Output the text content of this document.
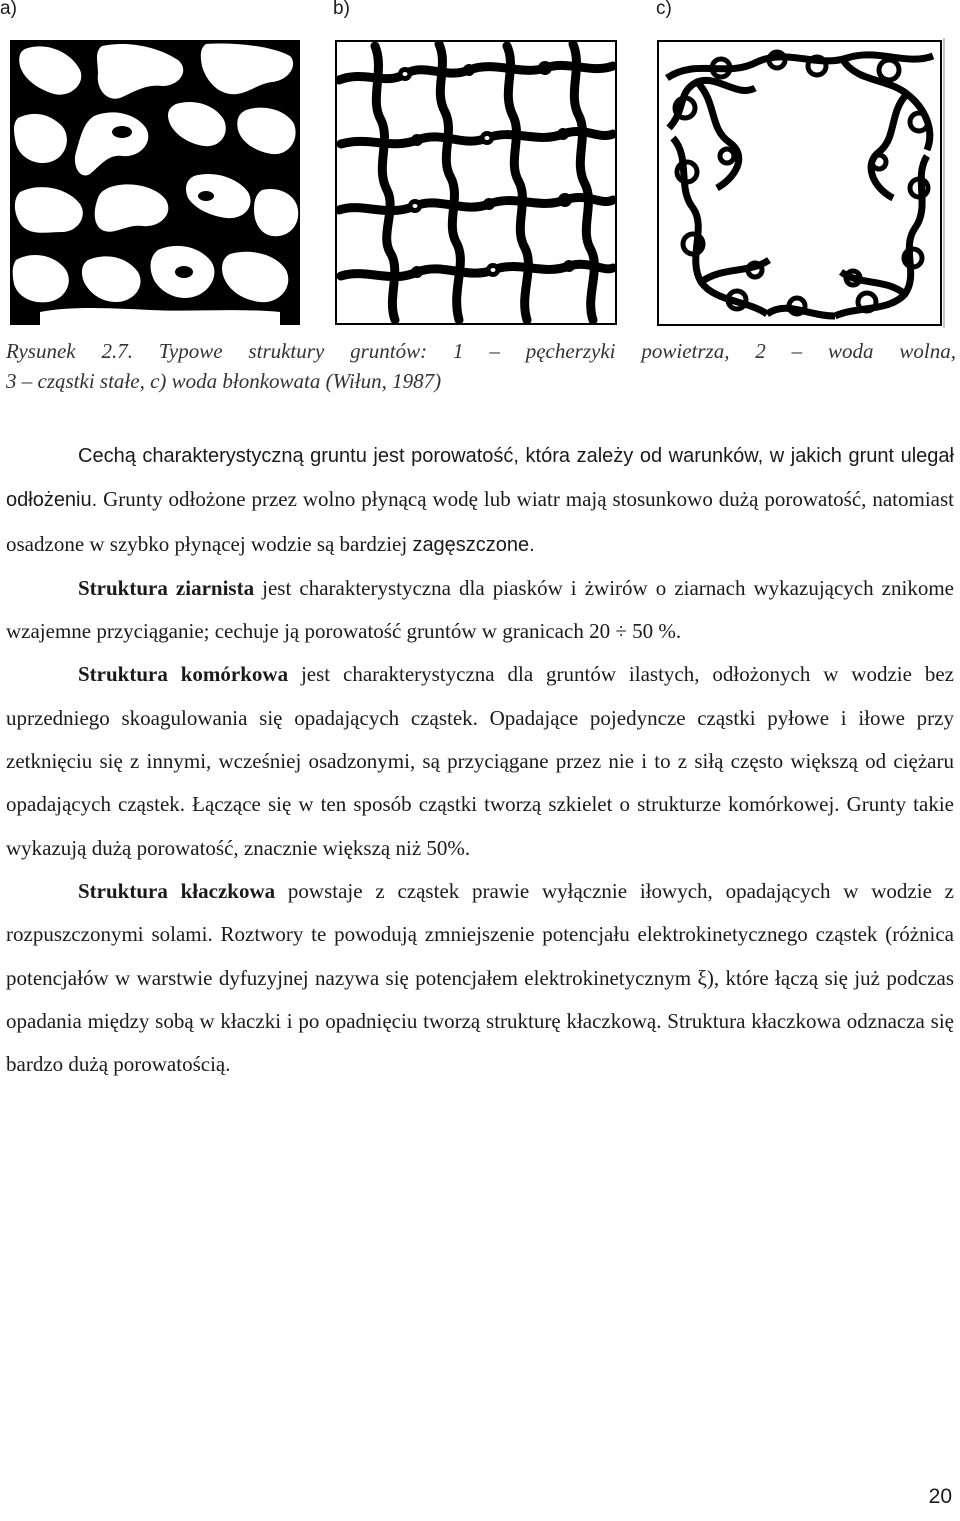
a)	b)	c)
Rysunek 2.7. Typowe struktury gruntów: 1 – pęcherzyki powietrza, 2 – woda wolna,
3 – cząstki stałe, c) woda błonkowata (Wiłun, 1987)

Cechą charakterystyczną gruntu jest porowatość, która zależy od warunków, w jakich grunt ulegał odłożeniu. Grunty odłożone przez wolno płynącą wodę lub wiatr mają stosunkowo dużą porowatość, natomiast osadzone w szybko płynącej wodzie są bardziej zagęszczone.

Struktura ziarnista jest charakterystyczna dla piasków i żwirów o ziarnach wykazujących znikome wzajemne przyciąganie; cechuje ją porowatość gruntów w granicach 20 ÷ 50 %.

Struktura komórkowa jest charakterystyczna dla gruntów ilastych, odłożonych w wodzie bez uprzedniego skoagulowania się opadających cząstek. Opadające pojedyncze cząstki pyłowe i iłowe przy zetknięciu się z innymi, wcześniej osadzonymi, są przyciągane przez nie i to z siłą często większą od ciężaru opadających cząstek. Łączące się w ten sposób cząstki tworzą szkielet o strukturze komórkowej. Grunty takie wykazują dużą porowatość, znacznie większą niż 50%.

Struktura kłaczkowa powstaje z cząstek prawie wyłącznie iłowych, opadających w wodzie z rozpuszczonymi solami. Roztwory te powodują zmniejszenie potencjału elektrokinetycznego cząstek (różnica potencjałów w warstwie dyfuzyjnej nazywa się potencjałem elektrokinetycznym ξ), które łączą się już podczas opadania między sobą w kłaczki i po opadnięciu tworzą strukturę kłaczkową. Struktura kłaczkowa odznacza się bardzo dużą porowatością.

20
